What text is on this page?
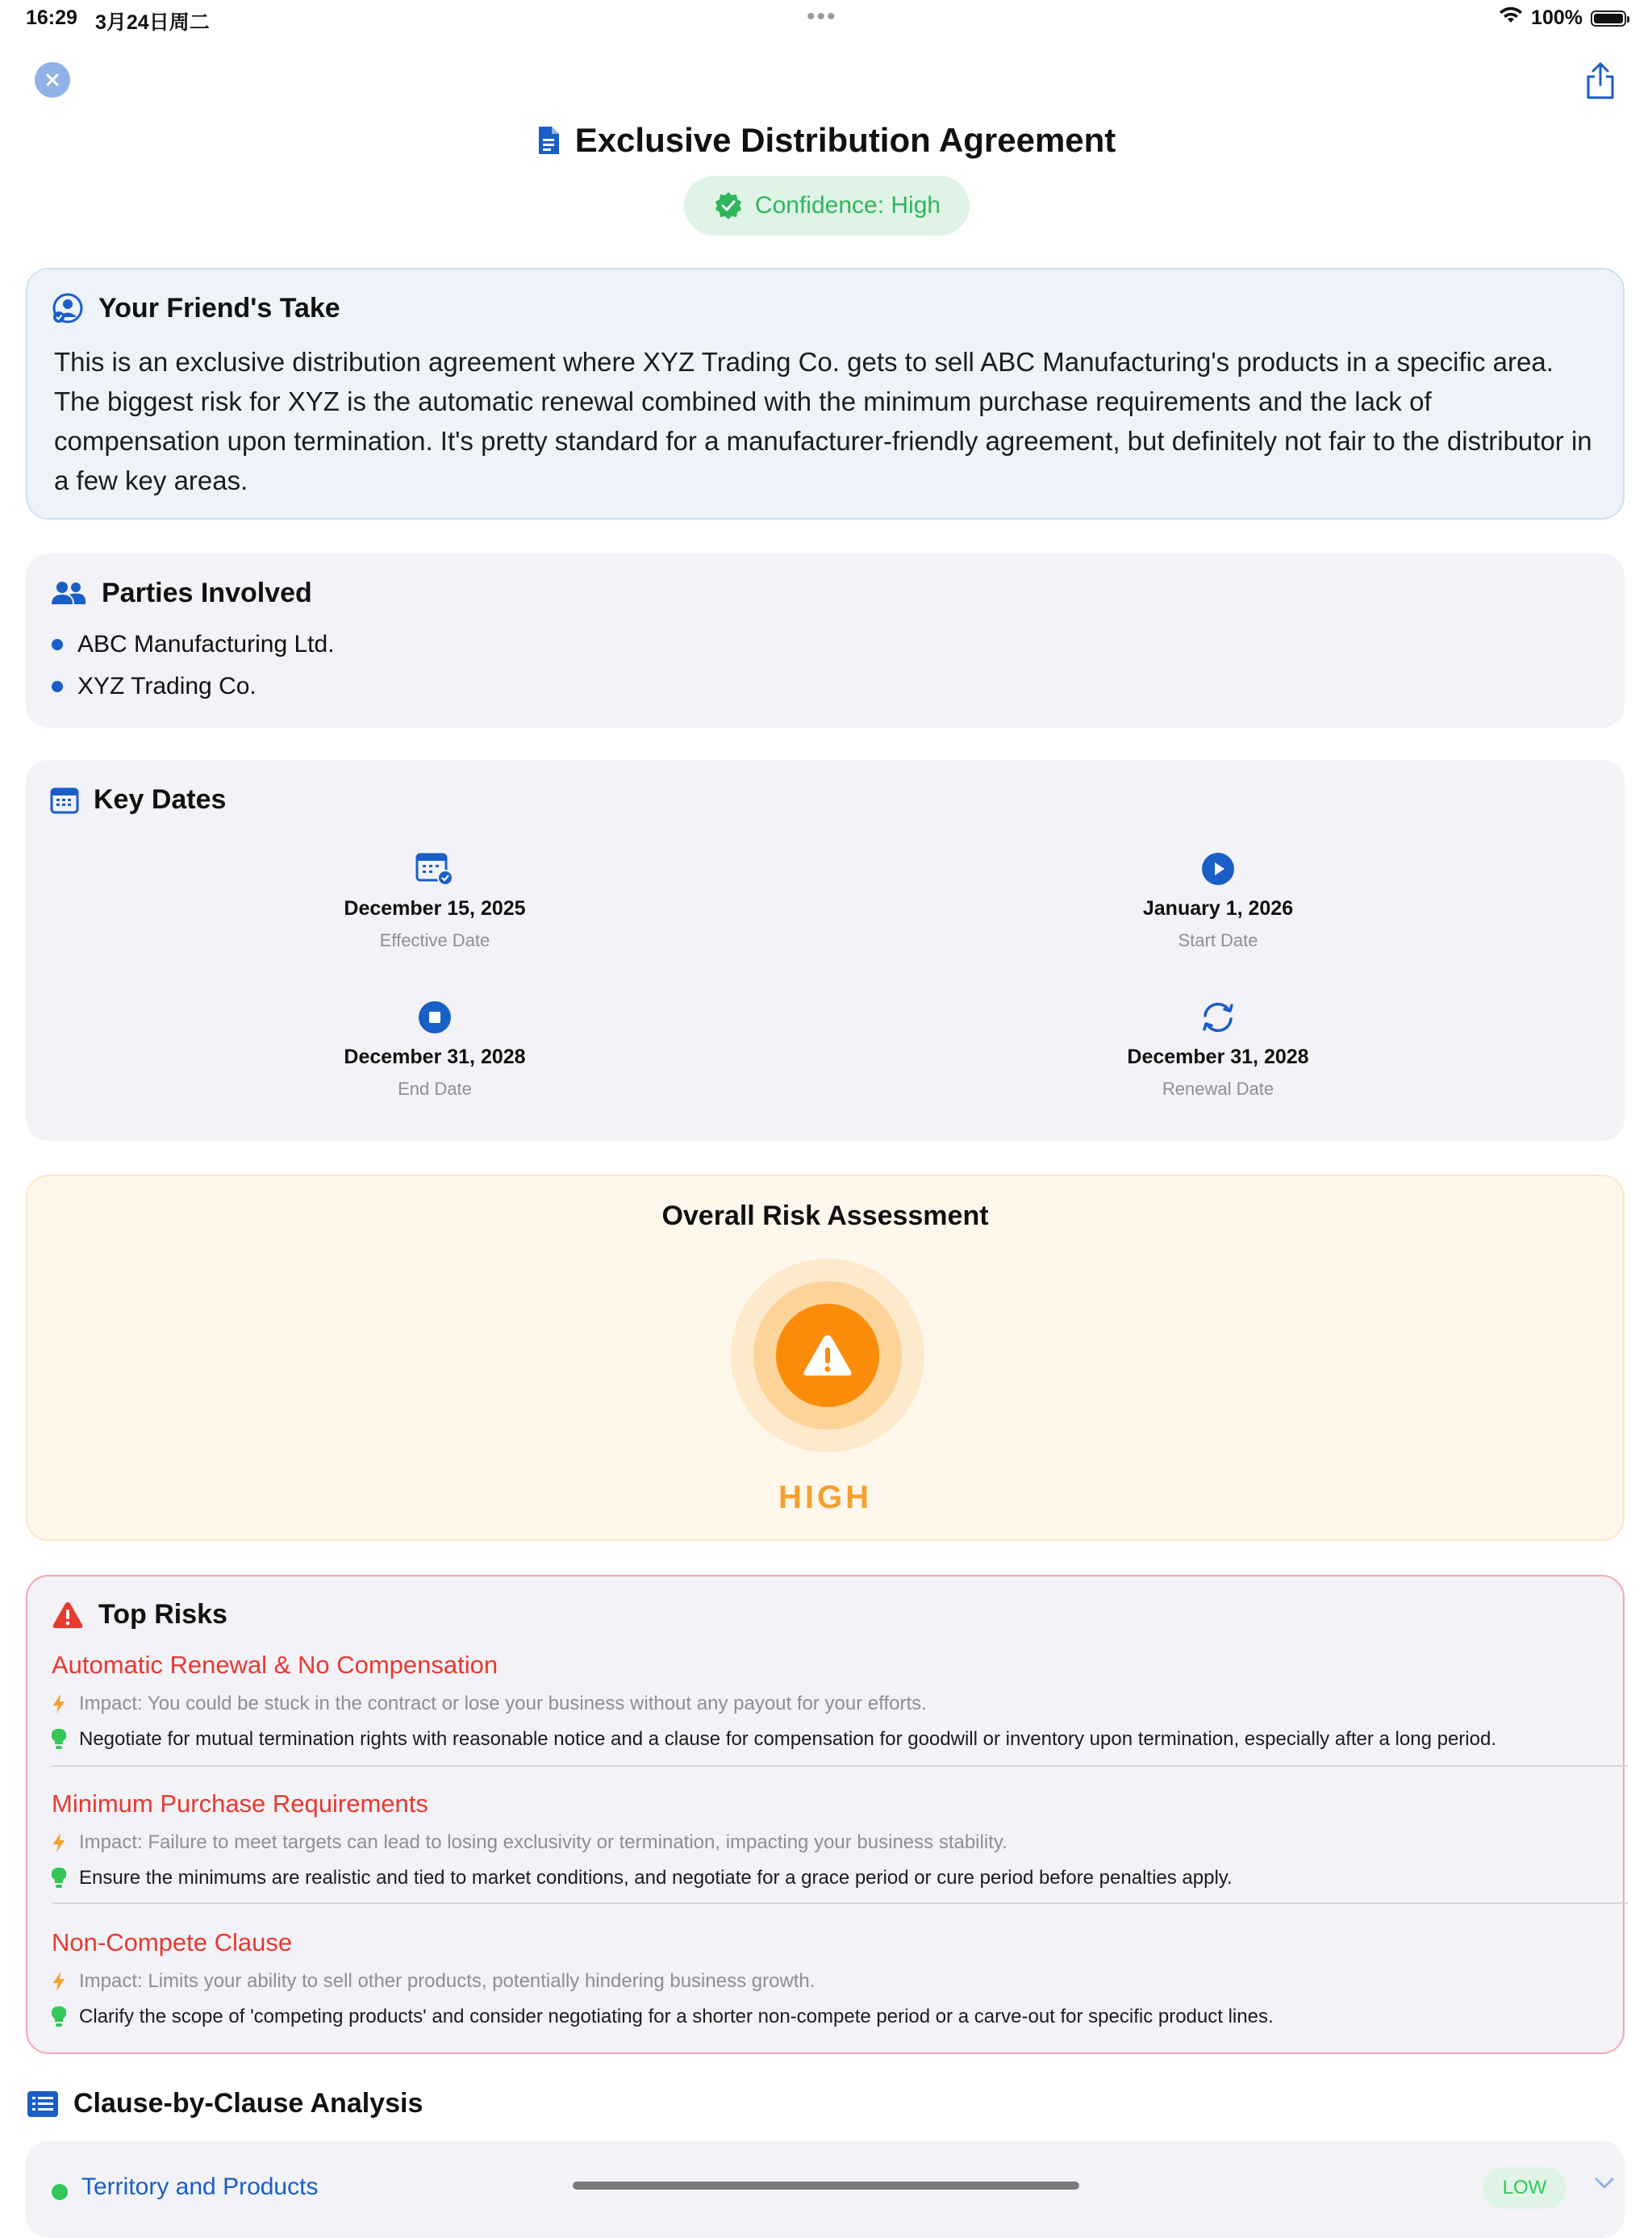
16:29 3月24日周二	•••	100%
Exclusive Distribution Agreement
Confidence: High
Your Friend's Take
This is an exclusive distribution agreement where XYZ Trading Co. gets to sell ABC Manufacturing's products in a specific area. The biggest risk for XYZ is the automatic renewal combined with the minimum purchase requirements and the lack of compensation upon termination. It's pretty standard for a manufacturer-friendly agreement, but definitely not fair to the distributor in a few key areas.
Parties Involved
ABC Manufacturing Ltd.
XYZ Trading Co.
Key Dates
December 15, 2025
Effective Date
January 1, 2026
Start Date
December 31, 2028
End Date
December 31, 2028
Renewal Date
Overall Risk Assessment
HIGH
Top Risks
Automatic Renewal & No Compensation
Impact: You could be stuck in the contract or lose your business without any payout for your efforts.
Negotiate for mutual termination rights with reasonable notice and a clause for compensation for goodwill or inventory upon termination, especially after a long period.
Minimum Purchase Requirements
Impact: Failure to meet targets can lead to losing exclusivity or termination, impacting your business stability.
Ensure the minimums are realistic and tied to market conditions, and negotiate for a grace period or cure period before penalties apply.
Non-Compete Clause
Impact: Limits your ability to sell other products, potentially hindering business growth.
Clarify the scope of 'competing products' and consider negotiating for a shorter non-compete period or a carve-out for specific product lines.
Clause-by-Clause Analysis
Territory and Products	LOW
